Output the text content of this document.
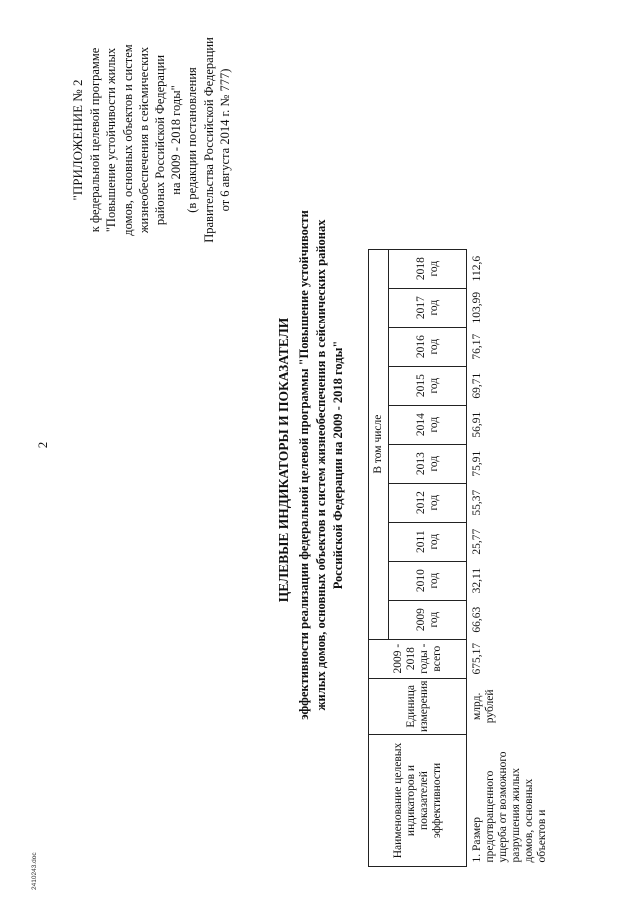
2
"ПРИЛОЖЕНИЕ № 2 к федеральной целевой программе "Повышение устойчивости жилых домов, основных объектов и систем жизнеобеспечения в сейсмических районах Российской Федерации на 2009 - 2018 годы" (в редакции постановления Правительства Российской Федерации от 6 августа 2014 г. № 777)
ЦЕЛЕВЫЕ ИНДИКАТОРЫ И ПОКАЗАТЕЛИ эффективности реализации федеральной целевой программы "Повышение устойчивости жилых домов, основных объектов и систем жизнеобеспечения в сейсмических районах Российской Федерации на 2009 - 2018 годы"
Наименование целевых индикаторов и показателей эффективности	Единица измерения	2009 - 2018 годы - всего	В том числе									
			2009 год	2010 год	2011 год	2012 год	2013 год	2014 год	2015 год	2016 год	2017 год	2018 год
1. Размер предотвращенного ущерба от возможного разрушения жилых домов, основных объектов и	млрд. рублей	675,17	66,63	32,11	25,77	55,37	75,91	56,91	69,71	76,17	103,99	112,6
2410243.doc
